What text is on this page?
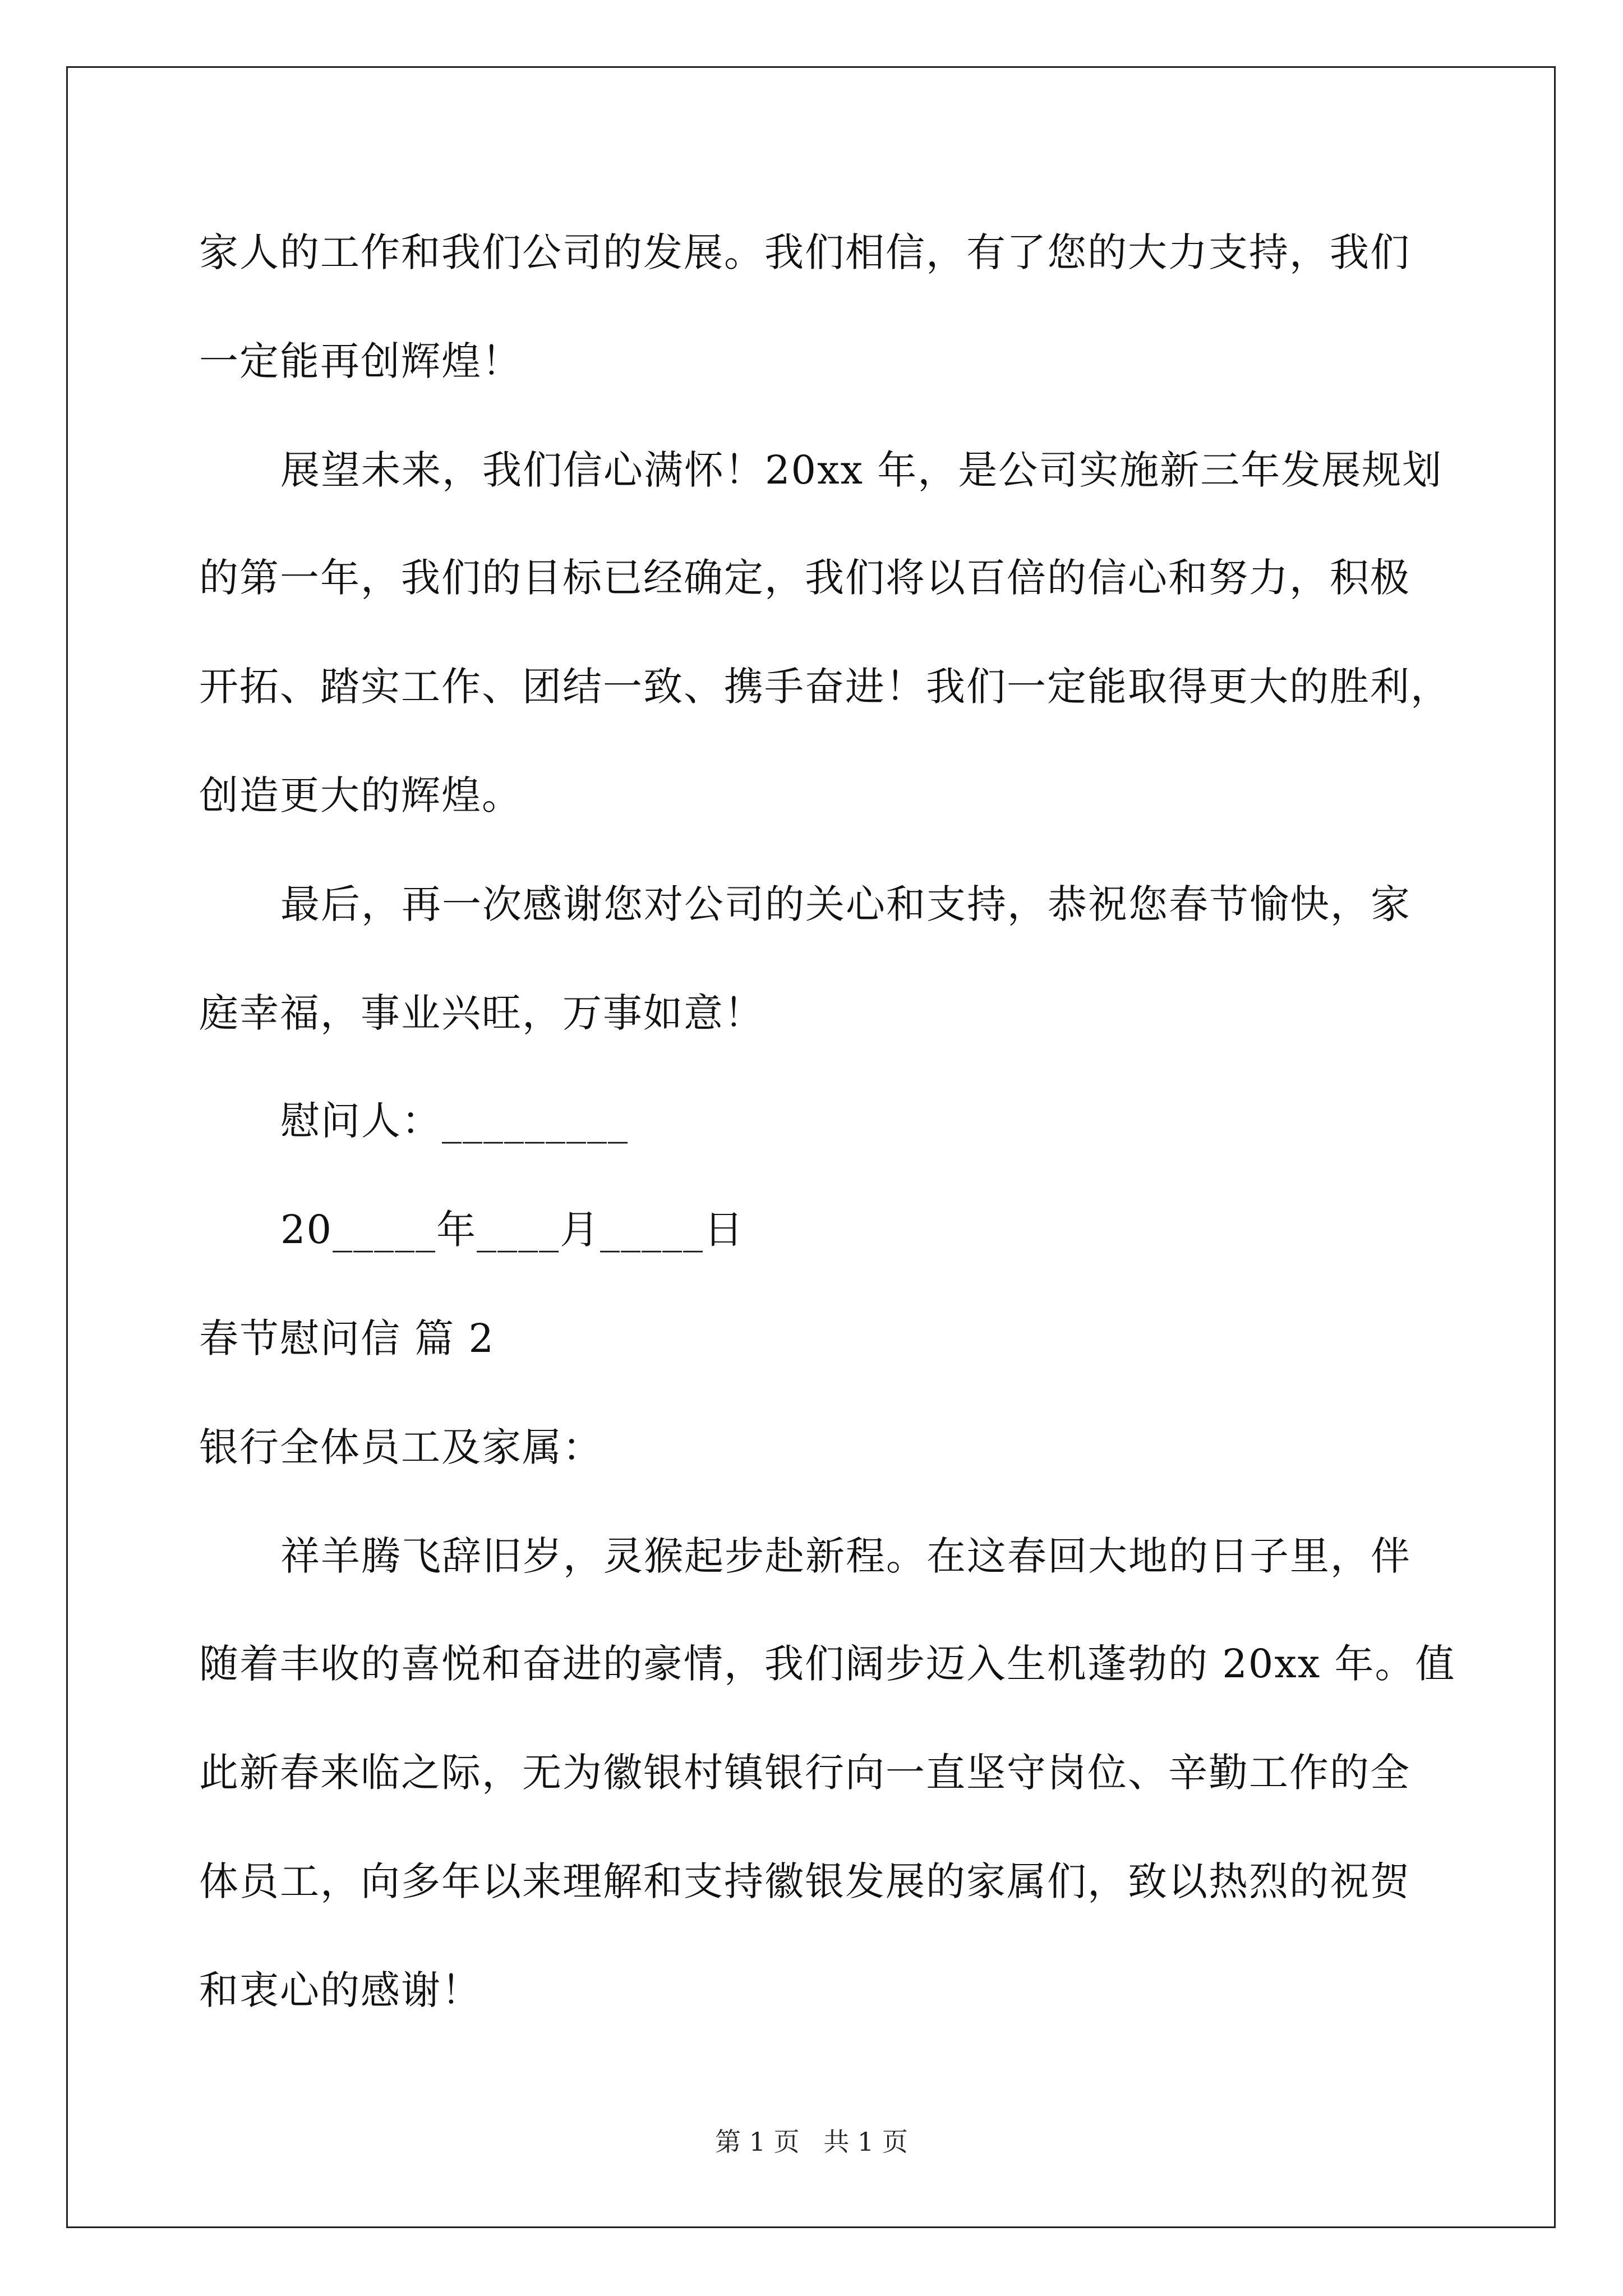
家人的工作和我们公司的发展。我们相信，有了您的大力支持，我们
一定能再创辉煌！
展望未来，我们信心满怀！20xx 年，是公司实施新三年发展规划
的第一年，我们的目标已经确定，我们将以百倍的信心和努力，积极
开拓、踏实工作、团结一致、携手奋进！我们一定能取得更大的胜利，
创造更大的辉煌。
最后，再一次感谢您对公司的关心和支持，恭祝您春节愉快，家
庭幸福，事业兴旺，万事如意！
慰问人：_________
20_____年____月_____日
春节慰问信 篇 2
银行全体员工及家属：
祥羊腾飞辞旧岁，灵猴起步赴新程。在这春回大地的日子里，伴
随着丰收的喜悦和奋进的豪情，我们阔步迈入生机蓬勃的 20xx 年。值
此新春来临之际，无为徽银村镇银行向一直坚守岗位、辛勤工作的全
体员工，向多年以来理解和支持徽银发展的家属们，致以热烈的祝贺
和衷心的感谢！
第 1 页 共 1 页
